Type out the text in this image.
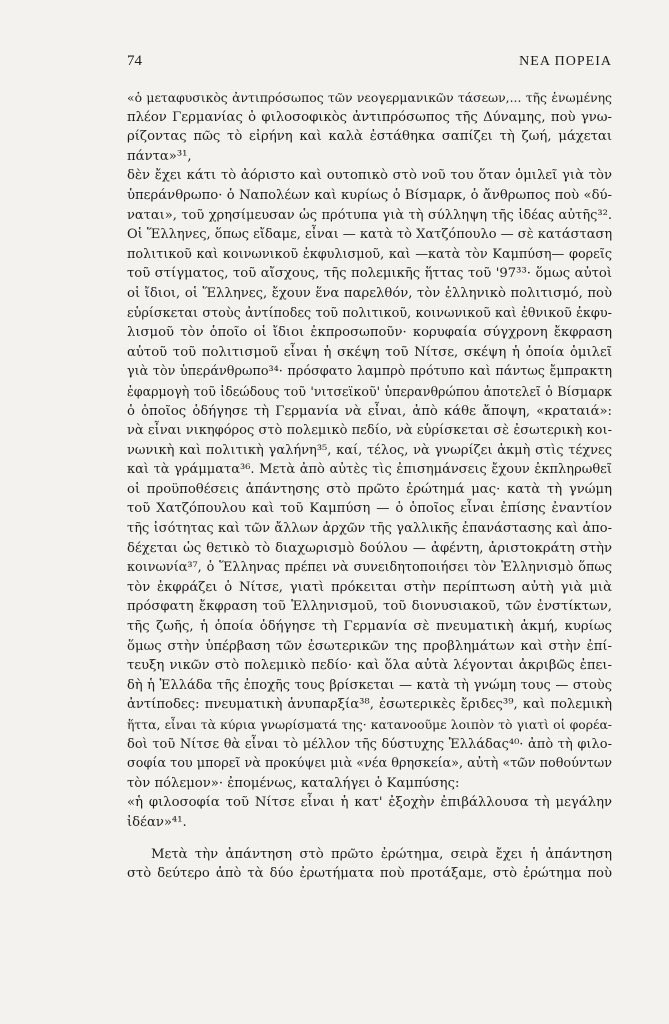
74	ΝΕΑ ΠΟΡΕΙΑ
«ὁ μεταφυσικὸς ἀντιπρόσωπος τῶν νεογερμανικῶν τάσεων,... τῆς ἑνωμένης
πλέον Γερμανίας ὁ φιλοσοφικὸς ἀντιπρόσωπος τῆς Δύναμης, ποὺ γνω-
ρίζοντας πῶς τὸ εἰρήνη καὶ καλὰ ἐστάθηκα σαπίζει τὴ ζωή, μάχεται
πάντα»³¹,
δὲν ἔχει κάτι τὸ ἀόριστο καὶ ουτοπικὸ στὸ νοῦ του ὅταν ὁμιλεῖ γιὰ τὸν
ὑπεράνθρωπο· ὁ Ναπολέων καὶ κυρίως ὁ Βίσμαρκ, ὁ ἄνθρωπος ποὺ «δύ-
ναται», τοῦ χρησίμευσαν ὡς πρότυπα γιὰ τὴ σύλληψη τῆς ἰδέας αὐτῆς³².
Οἱ Ἕλληνες, ὅπως εἴδαμε, εἶναι — κατὰ τὸ Χατζόπουλο — σὲ κατάσταση
πολιτικοῦ καὶ κοινωνικοῦ ἐκφυλισμοῦ, καὶ —κατὰ τὸν Καμπύση— φορεῖς
τοῦ στίγματος, τοῦ αἴσχους, τῆς πολεμικῆς ἥττας τοῦ '97³³· ὅμως αὐτοὶ
οἱ ἴδιοι, οἱ Ἕλληνες, ἔχουν ἕνα παρελθόν, τὸν ἑλληνικὸ πολιτισμό, ποὺ
εὑρίσκεται στοὺς ἀντίποδες τοῦ πολιτικοῦ, κοινωνικοῦ καὶ ἐθνικοῦ ἐκφυ-
λισμοῦ τὸν ὁποῖο οἱ ἴδιοι ἐκπροσωποῦν· κορυφαία σύγχρονη ἔκφραση
αὐτοῦ τοῦ πολιτισμοῦ εἶναι ἡ σκέψη τοῦ Νίτσε, σκέψη ἡ ὁποία ὁμιλεῖ
γιὰ τὸν ὑπεράνθρωπο³⁴· πρόσφατο λαμπρὸ πρότυπο καὶ πάντως ἔμπρακτη
ἐφαρμογὴ τοῦ ἰδεώδους τοῦ 'νιτσεϊκοῦ' ὑπερανθρώπου ἀποτελεῖ ὁ Βίσμαρκ
ὁ ὁποῖος ὁδήγησε τὴ Γερμανία νὰ εἶναι, ἀπὸ κάθε ἄποψη, «κραταιά»:
νὰ εἶναι νικηφόρος στὸ πολεμικὸ πεδίο, νὰ εὑρίσκεται σὲ ἐσωτερικὴ κοι-
νωνικὴ καὶ πολιτικὴ γαλήνη³⁵, καί, τέλος, νὰ γνωρίζει ἀκμὴ στὶς τέχνες
καὶ τὰ γράμματα³⁶. Μετὰ ἀπὸ αὐτὲς τὶς ἐπισημάνσεις ἔχουν ἐκπληρωθεῖ
οἱ προϋποθέσεις ἀπάντησης στὸ πρῶτο ἐρώτημά μας· κατὰ τὴ γνώμη
τοῦ Χατζόπουλου καὶ τοῦ Καμπύση — ὁ ὁποῖος εἶναι ἐπίσης ἐναντίον
τῆς ἰσότητας καὶ τῶν ἄλλων ἀρχῶν τῆς γαλλικῆς ἐπανάστασης καὶ ἀπο-
δέχεται ὡς θετικὸ τὸ διαχωρισμὸ δούλου — ἀφέντη, ἀριστοκράτη στὴν
κοινωνία³⁷, ὁ Ἕλληνας πρέπει νὰ συνειδητοποιήσει τὸν Ἑλληνισμὸ ὅπως
τὸν ἐκφράζει ὁ Νίτσε, γιατὶ πρόκειται στὴν περίπτωση αὐτὴ γιὰ μιὰ
πρόσφατη ἔκφραση τοῦ Ἑλληνισμοῦ, τοῦ διονυσιακοῦ, τῶν ἐνστίκτων,
τῆς ζωῆς, ἡ ὁποία ὁδήγησε τὴ Γερμανία σὲ πνευματικὴ ἀκμή, κυρίως
ὅμως στὴν ὑπέρβαση τῶν ἐσωτερικῶν της προβλημάτων καὶ στὴν ἐπί-
τευξη νικῶν στὸ πολεμικὸ πεδίο· καὶ ὅλα αὐτὰ λέγονται ἀκριβῶς ἐπει-
δὴ ἡ Ἑλλάδα τῆς ἐποχῆς τους βρίσκεται — κατὰ τὴ γνώμη τους — στοὺς
ἀντίποδες: πνευματικὴ ἀνυπαρξία³⁸, ἐσωτερικὲς ἔριδες³⁹, καὶ πολεμικὴ
ἥττα, εἶναι τὰ κύρια γνωρίσματά της· κατανοοῦμε λοιπὸν τὸ γιατὶ οἱ φορέα-
δοὶ τοῦ Νίτσε θὰ εἶναι τὸ μέλλον τῆς δύστυχης Ἑλλάδας⁴⁰· ἀπὸ τὴ φιλο-
σοφία του μπορεῖ νὰ προκύψει μιὰ «νέα θρησκεία», αὐτὴ «τῶν ποθούντων
τὸν πόλεμον»· ἐπομένως, καταλήγει ὁ Καμπύσης:
«ἡ φιλοσοφία τοῦ Νίτσε εἶναι ἡ κατ' ἐξοχὴν ἐπιβάλλουσα τὴ μεγάλην
ἰδέαν»⁴¹.
Μετὰ τὴν ἀπάντηση στὸ πρῶτο ἐρώτημα, σειρὰ ἔχει ἡ ἀπάντηση
στὸ δεύτερο ἀπὸ τὰ δύο ἐρωτήματα ποὺ προτάξαμε, στὸ ἐρώτημα ποὺ
